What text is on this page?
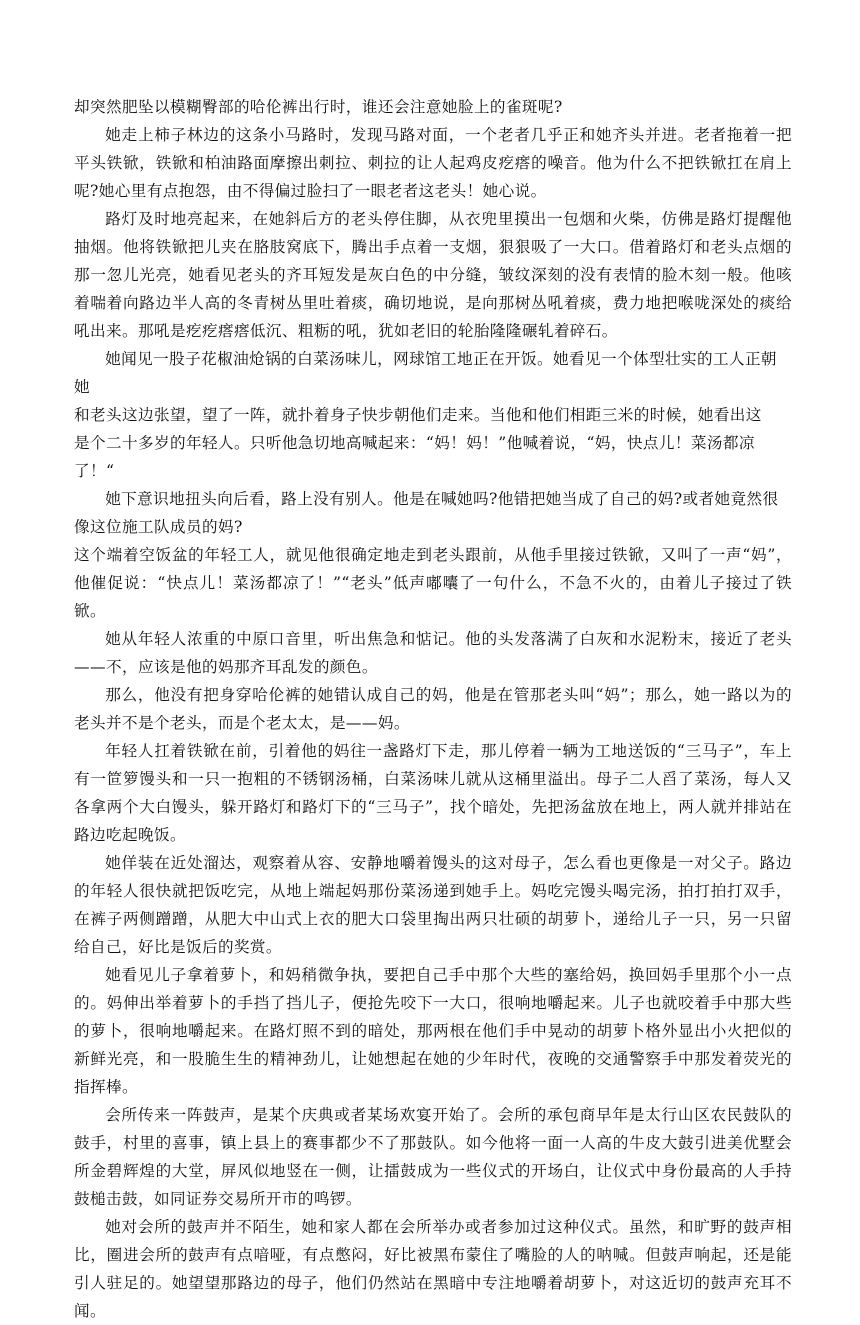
却突然肥坠以模糊臀部的哈伦裤出行时，谁还会注意她脸上的雀斑呢?

她走上柿子林边的这条小马路时，发现马路对面，一个老者几乎正和她齐头并进。老者拖着一把平头铁锨，铁锨和柏油路面摩擦出刺拉、刺拉的让人起鸡皮疙瘩的噪音。他为什么不把铁锨扛在肩上呢?她心里有点抱怨，由不得偏过脸扫了一眼老者这老头！她心说。

路灯及时地亮起来，在她斜后方的老头停住脚，从衣兜里摸出一包烟和火柴，仿佛是路灯提醒他抽烟。他将铁锨把儿夹在胳肢窝底下，腾出手点着一支烟，狠狠吸了一大口。借着路灯和老头点烟的那一忽儿光亮，她看见老头的齐耳短发是灰白色的中分缝，皱纹深刻的没有表情的脸木刻一般。他咳着喘着向路边半人高的冬青树丛里吐着痰，确切地说，是向那树丛吼着痰，费力地把喉咙深处的痰给吼出来。那吼是疙疙瘩瘩低沉、粗粝的吼，犹如老旧的轮胎隆隆碾轧着碎石。

她闻见一股子花椒油炝锅的白菜汤味儿，网球馆工地正在开饭。她看见一个体型壮实的工人正朝她
和老头这边张望，望了一阵，就扑着身子快步朝他们走来。当他和他们相距三米的时候，她看出这
是个二十多岁的年轻人。只听他急切地高喊起来：“妈！妈！”他喊着说，“妈，快点儿！菜汤都凉
了！“

她下意识地扭头向后看，路上没有别人。他是在喊她吗?他错把她当成了自己的妈?或者她竟然很
像这位施工队成员的妈?

这个端着空饭盆的年轻工人，就见他很确定地走到老头跟前，从他手里接过铁锨，又叫了一声“妈”，他催促说：“快点儿！菜汤都凉了！”“老头”低声嘟囔了一句什么，不急不火的，由着儿子接过了铁锨。

她从年轻人浓重的中原口音里，听出焦急和惦记。他的头发落满了白灰和水泥粉末，接近了老头——不，应该是他的妈那齐耳乱发的颜色。

那么，他没有把身穿哈伦裤的她错认成自己的妈，他是在管那老头叫“妈”；那么，她一路以为的老头并不是个老头，而是个老太太，是——妈。

年轻人扛着铁锨在前，引着他的妈往一盏路灯下走，那儿停着一辆为工地送饭的“三马子”，车上有一笸箩馒头和一只一抱粗的不锈钢汤桶，白菜汤味儿就从这桶里溢出。母子二人舀了菜汤，每人又各拿两个大白馒头，躲开路灯和路灯下的“三马子”，找个暗处，先把汤盆放在地上，两人就并排站在路边吃起晚饭。

她佯装在近处溜达，观察着从容、安静地嚼着馒头的这对母子，怎么看也更像是一对父子。路边的年轻人很快就把饭吃完，从地上端起妈那份菜汤递到她手上。妈吃完馒头喝完汤，拍打拍打双手，在裤子两侧蹭蹭，从肥大中山式上衣的肥大口袋里掏出两只壮硕的胡萝卜，递给儿子一只，另一只留给自己，好比是饭后的奖赏。

她看见儿子拿着萝卜，和妈稍微争执，要把自己手中那个大些的塞给妈，换回妈手里那个小一点的。妈伸出举着萝卜的手挡了挡儿子，便抢先咬下一大口，很响地嚼起来。儿子也就咬着手中那大些的萝卜，很响地嚼起来。在路灯照不到的暗处，那两根在他们手中晃动的胡萝卜格外显出小火把似的新鲜光亮，和一股脆生生的精神劲儿，让她想起在她的少年时代，夜晚的交通警察手中那发着荧光的指挥棒。

会所传来一阵鼓声，是某个庆典或者某场欢宴开始了。会所的承包商早年是太行山区农民鼓队的鼓手，村里的喜事，镇上县上的赛事都少不了那鼓队。如今他将一面一人高的牛皮大鼓引进美优墅会所金碧辉煌的大堂，屏风似地竖在一侧，让擂鼓成为一些仪式的开场白，让仪式中身份最高的人手持鼓槌击鼓，如同证券交易所开市的鸣锣。

她对会所的鼓声并不陌生，她和家人都在会所举办或者参加过这种仪式。虽然，和旷野的鼓声相比，圈进会所的鼓声有点喑哑，有点憋闷，好比被黑布蒙住了嘴脸的人的呐喊。但鼓声响起，还是能引人驻足的。她望望那路边的母子，他们仍然站在黑暗中专注地嚼着胡萝卜，对这近切的鼓声充耳不闻。
